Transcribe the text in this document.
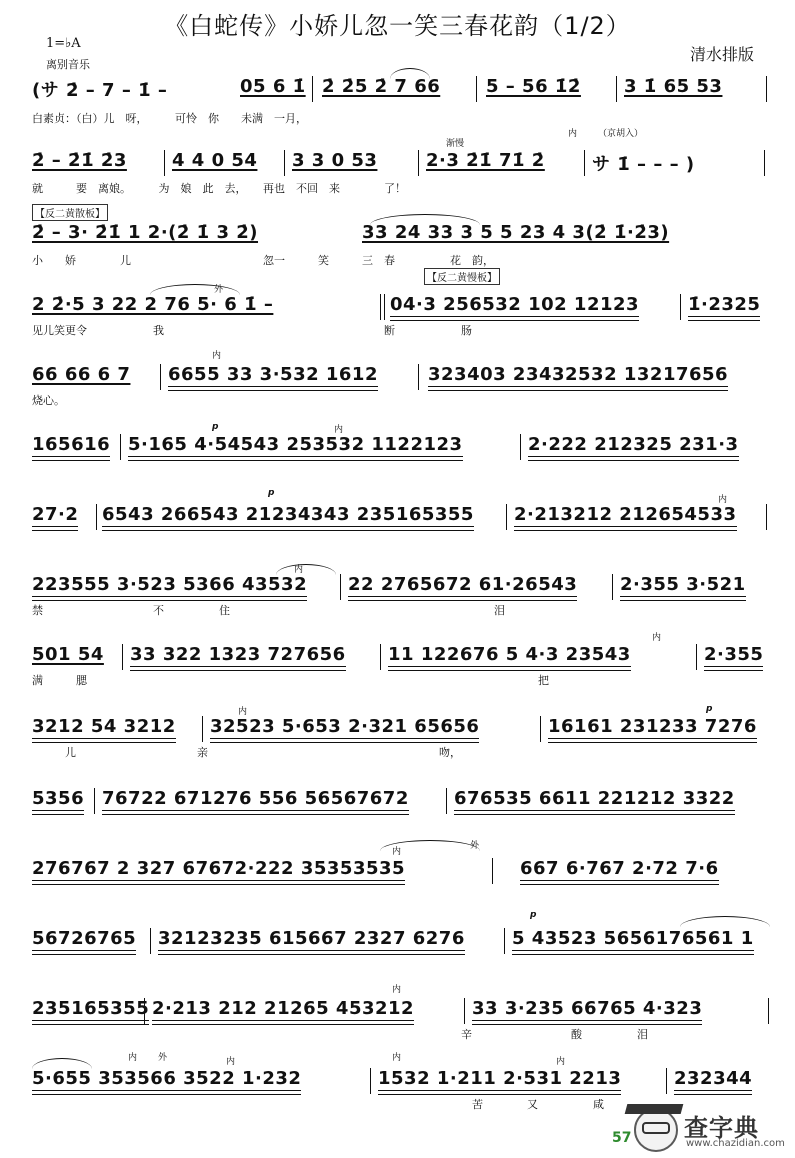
《白蛇传》小娇儿忽一笑三春花韵（1/2）
清水排版
1=♭A
离别音乐
(サ 2̇ – 7 – 1̇ –	05 6 1̇ 2̇ 2̇5 2̇ 7 66	5 – 56 1̇2̇ 3 1̇ 65 53
白素贞：（白）儿　呀，　　　可怜　你　　未满　一月，
渐慢
内 （京胡入）
2̇ – 2̇1̇ 2̇3	4 4 0 54 3 3 0 53	2·3 2̇1̇ 71̇ 2̇	サ 1̇ – – – )
就　　　要　离娘。　　　为　娘　此　去，　　再也　不回　来　　　　了！
【反二黄散板】
2̇ – 3· 2̇1̇ 1 2·(2̇ 1̇ 3 2̇)	33 24 33 3 5 5 23 4 3(2̇ 1̇·2̇3)
小　　娇　　　　儿　　　　　　　　　　　　忽一　　　笑　　　三　春　　　　　花　韵，
外
【反二黄慢板】
2 2̇·5 3 22 2 76 5· 6 1̇ –	04·3 256532 102 12123	1̇·2325
见儿笑更令　　　　　　我　　　　　　　　　　　　　　　　　　　　断　　　　　　肠
内
66 66 6 7 6655 33 3·532 1612	323403 23432532 13217656
烧心。
p	内
165616 5·165 4·54543 253532 1122123	2·222 212325 231·3
p
内
27·2 6543 266543 21234343 235165355 2·213212 212654533
内
223555 3·523 5366 43532 22 2765672 61·26543 2·355 3·521
禁　　　　　　　　　　不　　　　　住　　　　　　　　　　　　　　　　　　　　　　　　泪
内
501 54 33 322 1323 727656 11 122676 5 4·3 23543	2·355
满　　　腮　　　　　　　　　　　　　　　　　　　　　　　　　　　　　　　　　　　　　　　　　把
内	p
3212 54 3212 32523 5·653 2·321 65656	16161 231233 7276
　　　儿　　　　　　　　　　　亲　　　　　　　　　　　　　　　　　　　　　吻，
5356 76722 671276 556 56567672	676535 6611 221212 3322
内
外
276767 2 327 67672·222 35353535	667 6·767 2·72 7·6
p
56726765 32123235 615667 2327 6276	5 43523 5656176561 1
内
235165355 2·213 212 21265 453212	33 3·235 66765 4·323
　　　　　　　　　　　　　　　　　　　　　　　　　　　　　　　　　　　　　　　辛　　　　　　　　　酸　　　　　泪
内 外	内	内	内
5·655 353566 3522 1·232	1532 1·211 2·531 2213	232344
　　　　　　　　　　　　　　　　　　　　　　　　　　　　　　　　　　　　　　　　苦　　　　又　　　　　咸
57 查字典
www.chazidian.com
